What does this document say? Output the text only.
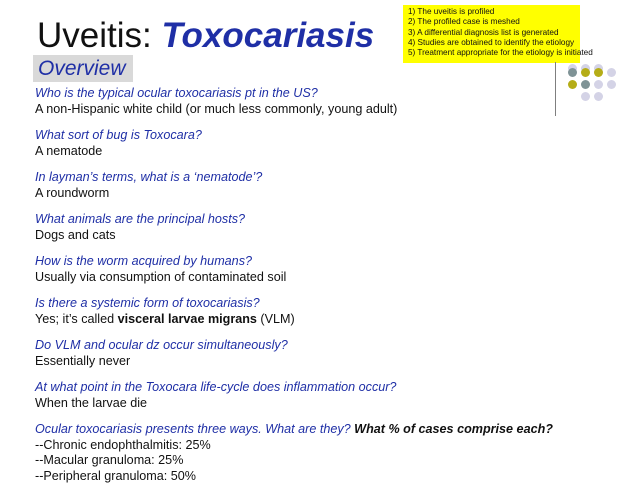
Uveitis: Toxocariasis
Overview
1) The uveitis is profiled
2) The profiled case is meshed
3) A differential diagnosis list is generated
4) Studies are obtained to identify the etiology
5) Treatment appropriate for the etiology is initiated
Who is the typical ocular toxocariasis pt in the US?
A non-Hispanic white child (or much less commonly, young adult)
What sort of bug is Toxocara?
A nematode
In layman’s terms, what is a ‘nematode’?
A roundworm
What animals are the principal hosts?
Dogs and cats
How is the worm acquired by humans?
Usually via consumption of contaminated soil
Is there a systemic form of toxocariasis?
Yes; it’s called visceral larvae migrans (VLM)
Do VLM and ocular dz occur simultaneously?
Essentially never
At what point in the Toxocara life-cycle does inflammation occur?
When the larvae die
Ocular toxocariasis presents three ways. What are they? What % of cases comprise each?
--Chronic endophthalmitis: 25%
--Macular granuloma: 25%
--Peripheral granuloma: 50%
